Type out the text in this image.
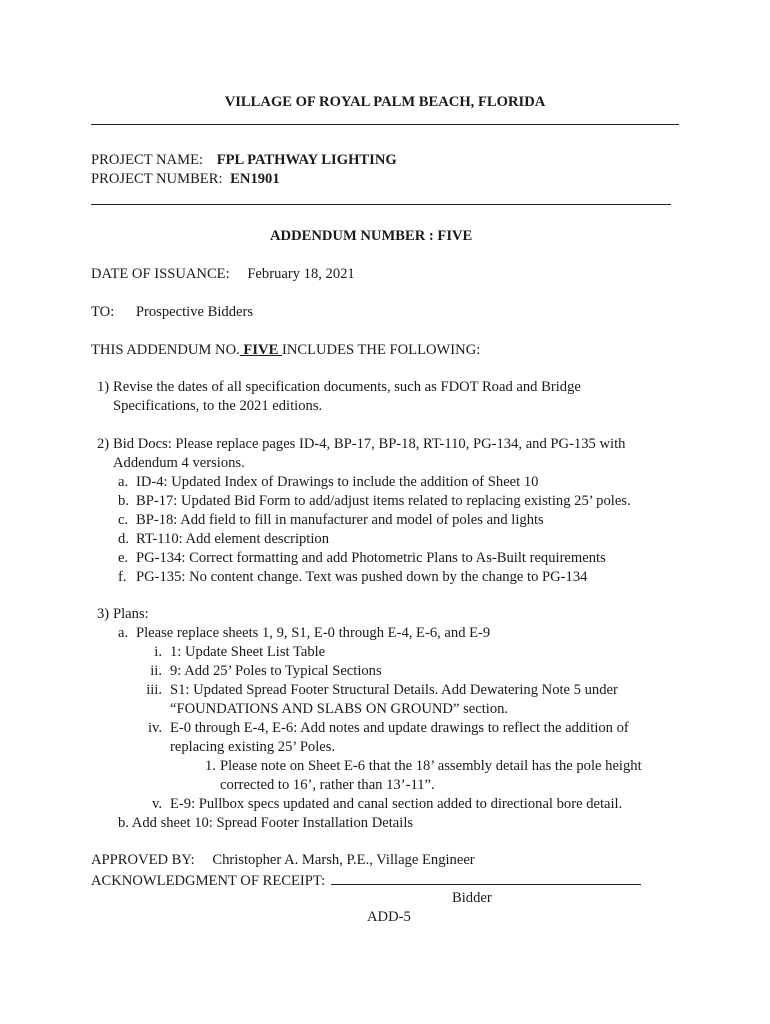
VILLAGE OF ROYAL PALM BEACH, FLORIDA
PROJECT NAME: FPL PATHWAY LIGHTING
PROJECT NUMBER: EN1901
ADDENDUM NUMBER : FIVE
DATE OF ISSUANCE: February 18, 2021
TO: Prospective Bidders
THIS ADDENDUM NO. FIVE INCLUDES THE FOLLOWING:
1) Revise the dates of all specification documents, such as FDOT Road and Bridge
Specifications, to the 2021 editions.
2) Bid Docs: Please replace pages ID-4, BP-17, BP-18, RT-110, PG-134, and PG-135 with
Addendum 4 versions.
a. ID-4: Updated Index of Drawings to include the addition of Sheet 10
b. BP-17: Updated Bid Form to add/adjust items related to replacing existing 25’ poles.
c. BP-18: Add field to fill in manufacturer and model of poles and lights
d. RT-110: Add element description
e. PG-134: Correct formatting and add Photometric Plans to As-Built requirements
f. PG-135: No content change. Text was pushed down by the change to PG-134
3) Plans:
a. Please replace sheets 1, 9, S1, E-0 through E-4, E-6, and E-9
i. 1: Update Sheet List Table
ii. 9: Add 25’ Poles to Typical Sections
iii. S1: Updated Spread Footer Structural Details. Add Dewatering Note 5 under
“FOUNDATIONS AND SLABS ON GROUND” section.
iv. E-0 through E-4, E-6: Add notes and update drawings to reflect the addition of
replacing existing 25’ Poles.
1. Please note on Sheet E-6 that the 18’ assembly detail has the pole height
corrected to 16’, rather than 13’-11”.
v. E-9: Pullbox specs updated and canal section added to directional bore detail.
b. Add sheet 10: Spread Footer Installation Details
APPROVED BY: Christopher A. Marsh, P.E., Village Engineer
ACKNOWLEDGMENT OF RECEIPT:
Bidder
ADD-5
